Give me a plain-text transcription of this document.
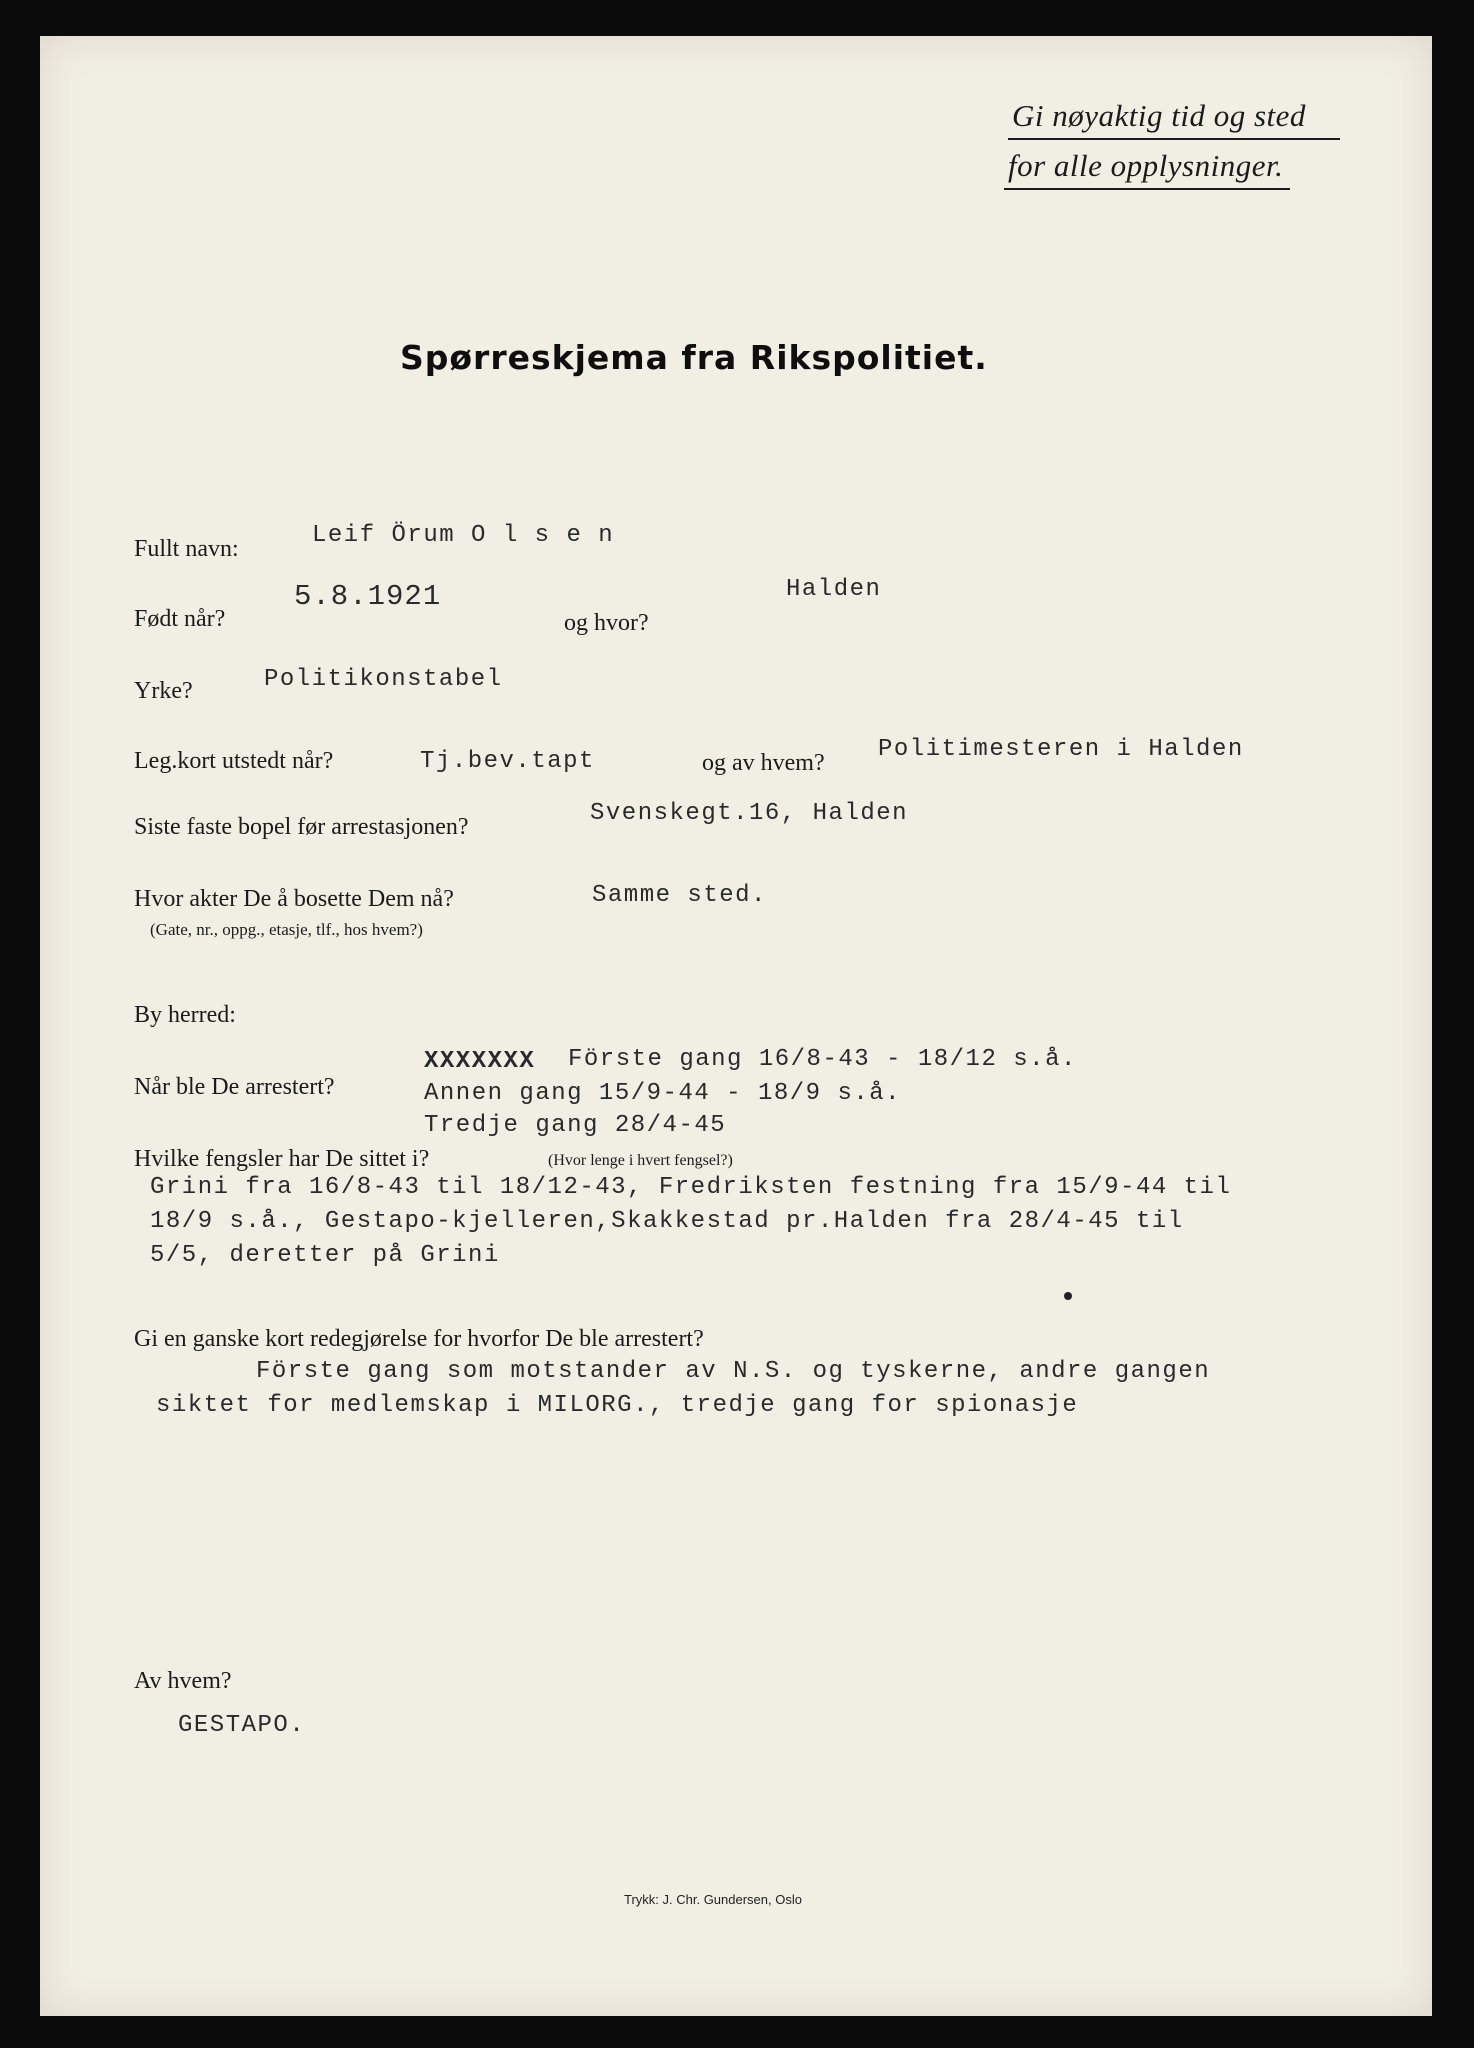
Gi nøyaktig tid og sted
for alle opplysninger.
Spørreskjema fra Rikspolitiet.
Fullt navn:	Leif Örum O l s e n
Født når?
5.8.1921
og hvor?
Halden
Yrke?	Politikonstabel
Leg.kort utstedt når?	Tj.bev.tapt	og av hvem? Politimesteren i Halden
Siste faste bopel før arrestasjonen?	Svenskegt.16, Halden
Hvor akter De å bosette Dem nå?	Samme sted.
(Gate, nr., oppg., etasje, tlf., hos hvem?)
By herred:
Når ble De arrestert?
XXXXXXX Förste gang 16/8-43 - 18/12 s.å.
Annen gang 15/9-44 - 18/9 s.å.
Tredje gang 28/4-45
Hvilke fengsler har De sittet i?	(Hvor lenge i hvert fengsel?)
Grini fra 16/8-43 til 18/12-43, Fredriksten festning fra 15/9-44 til
18/9 s.å., Gestapo-kjelleren,Skakkestad pr.Halden fra 28/4-45 til
5/5, deretter på Grini
Gi en ganske kort redegjørelse for hvorfor De ble arrestert?
Förste gang som motstander av N.S. og tyskerne, andre gangen
siktet for medlemskap i MILORG., tredje gang for spionasje
Av hvem?
GESTAPO.
Trykk: J. Chr. Gundersen, Oslo
